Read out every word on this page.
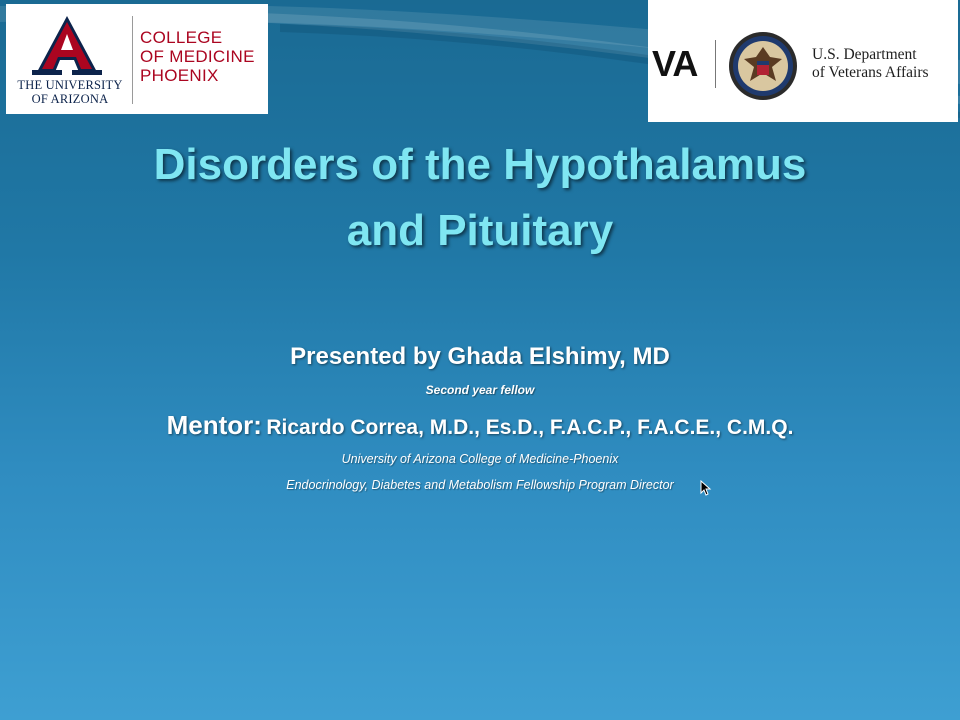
THE UNIVERSITY
OF ARIZONA
COLLEGE
OF MEDICINE
PHOENIX	VA	U.S. Department
of Veterans Affairs
Disorders of the Hypothalamus
and Pituitary
Presented by Ghada Elshimy, MD
Second year fellow
Mentor: Ricardo Correa, M.D., Es.D., F.A.C.P., F.A.C.E., C.M.Q.
University of Arizona College of Medicine-Phoenix
Endocrinology, Diabetes and Metabolism Fellowship Program Director
